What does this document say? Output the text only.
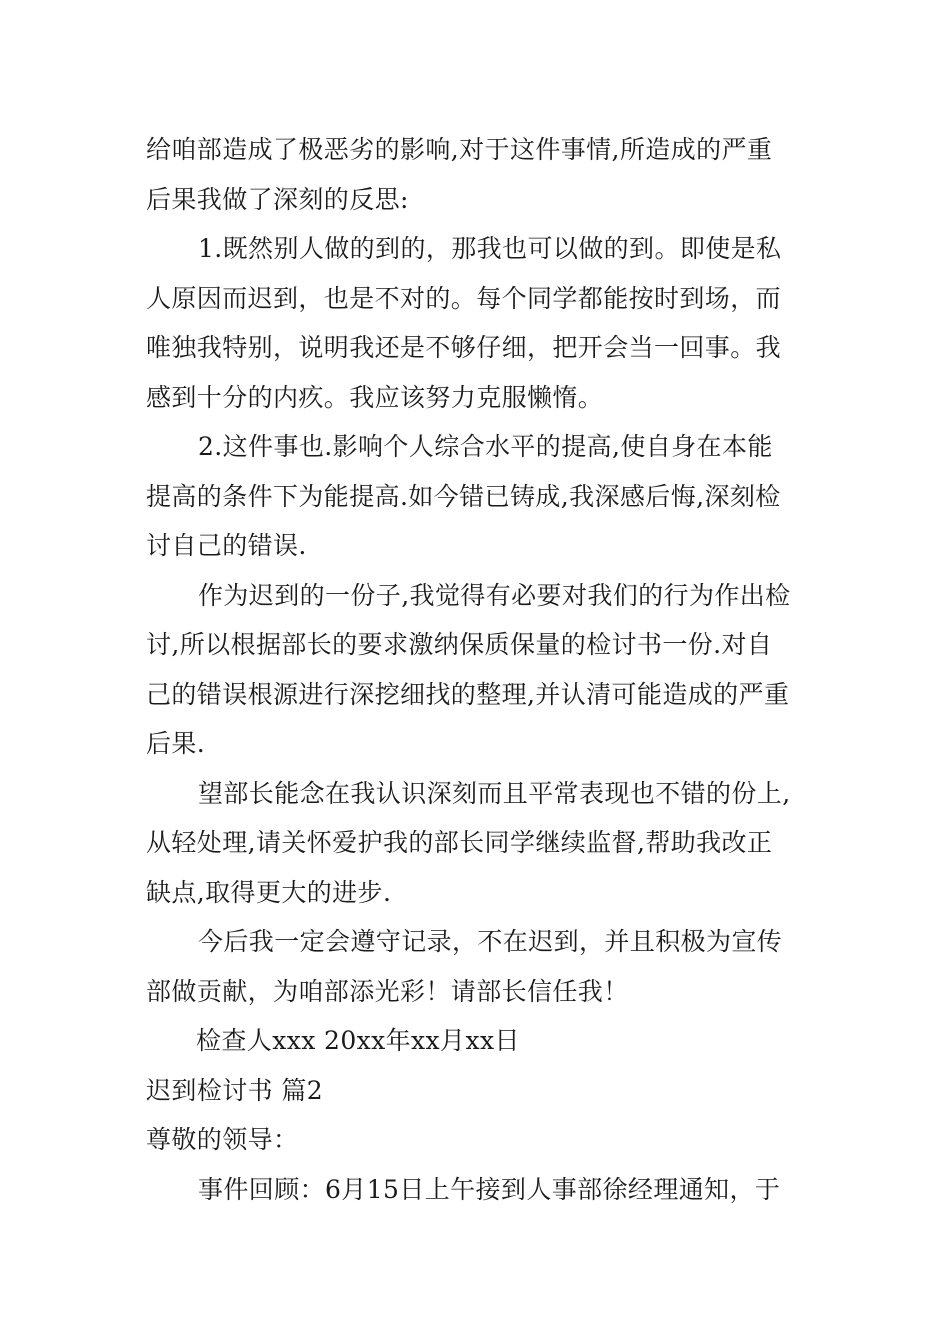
给咱部造成了极恶劣的影响,对于这件事情,所造成的严重
后果我做了深刻的反思:
1.既然别人做的到的，那我也可以做的到。即使是私
人原因而迟到，也是不对的。每个同学都能按时到场，而
唯独我特别，说明我还是不够仔细，把开会当一回事。我
感到十分的内疚。我应该努力克服懒惰。
2.这件事也.影响个人综合水平的提高,使自身在本能
提高的条件下为能提高.如今错已铸成,我深感后悔,深刻检
讨自己的错误.
作为迟到的一份子,我觉得有必要对我们的行为作出检
讨,所以根据部长的要求激纳保质保量的检讨书一份.对自
己的错误根源进行深挖细找的整理,并认清可能造成的严重
后果.
望部长能念在我认识深刻而且平常表现也不错的份上,
从轻处理,请关怀爱护我的部长同学继续监督,帮助我改正
缺点,取得更大的进步.
今后我一定会遵守记录，不在迟到，并且积极为宣传
部做贡献，为咱部添光彩！请部长信任我！
检查人xxx 20xx年xx月xx日
迟到检讨书 篇2
尊敬的领导：
事件回顾：6月15日上午接到人事部徐经理通知，于
